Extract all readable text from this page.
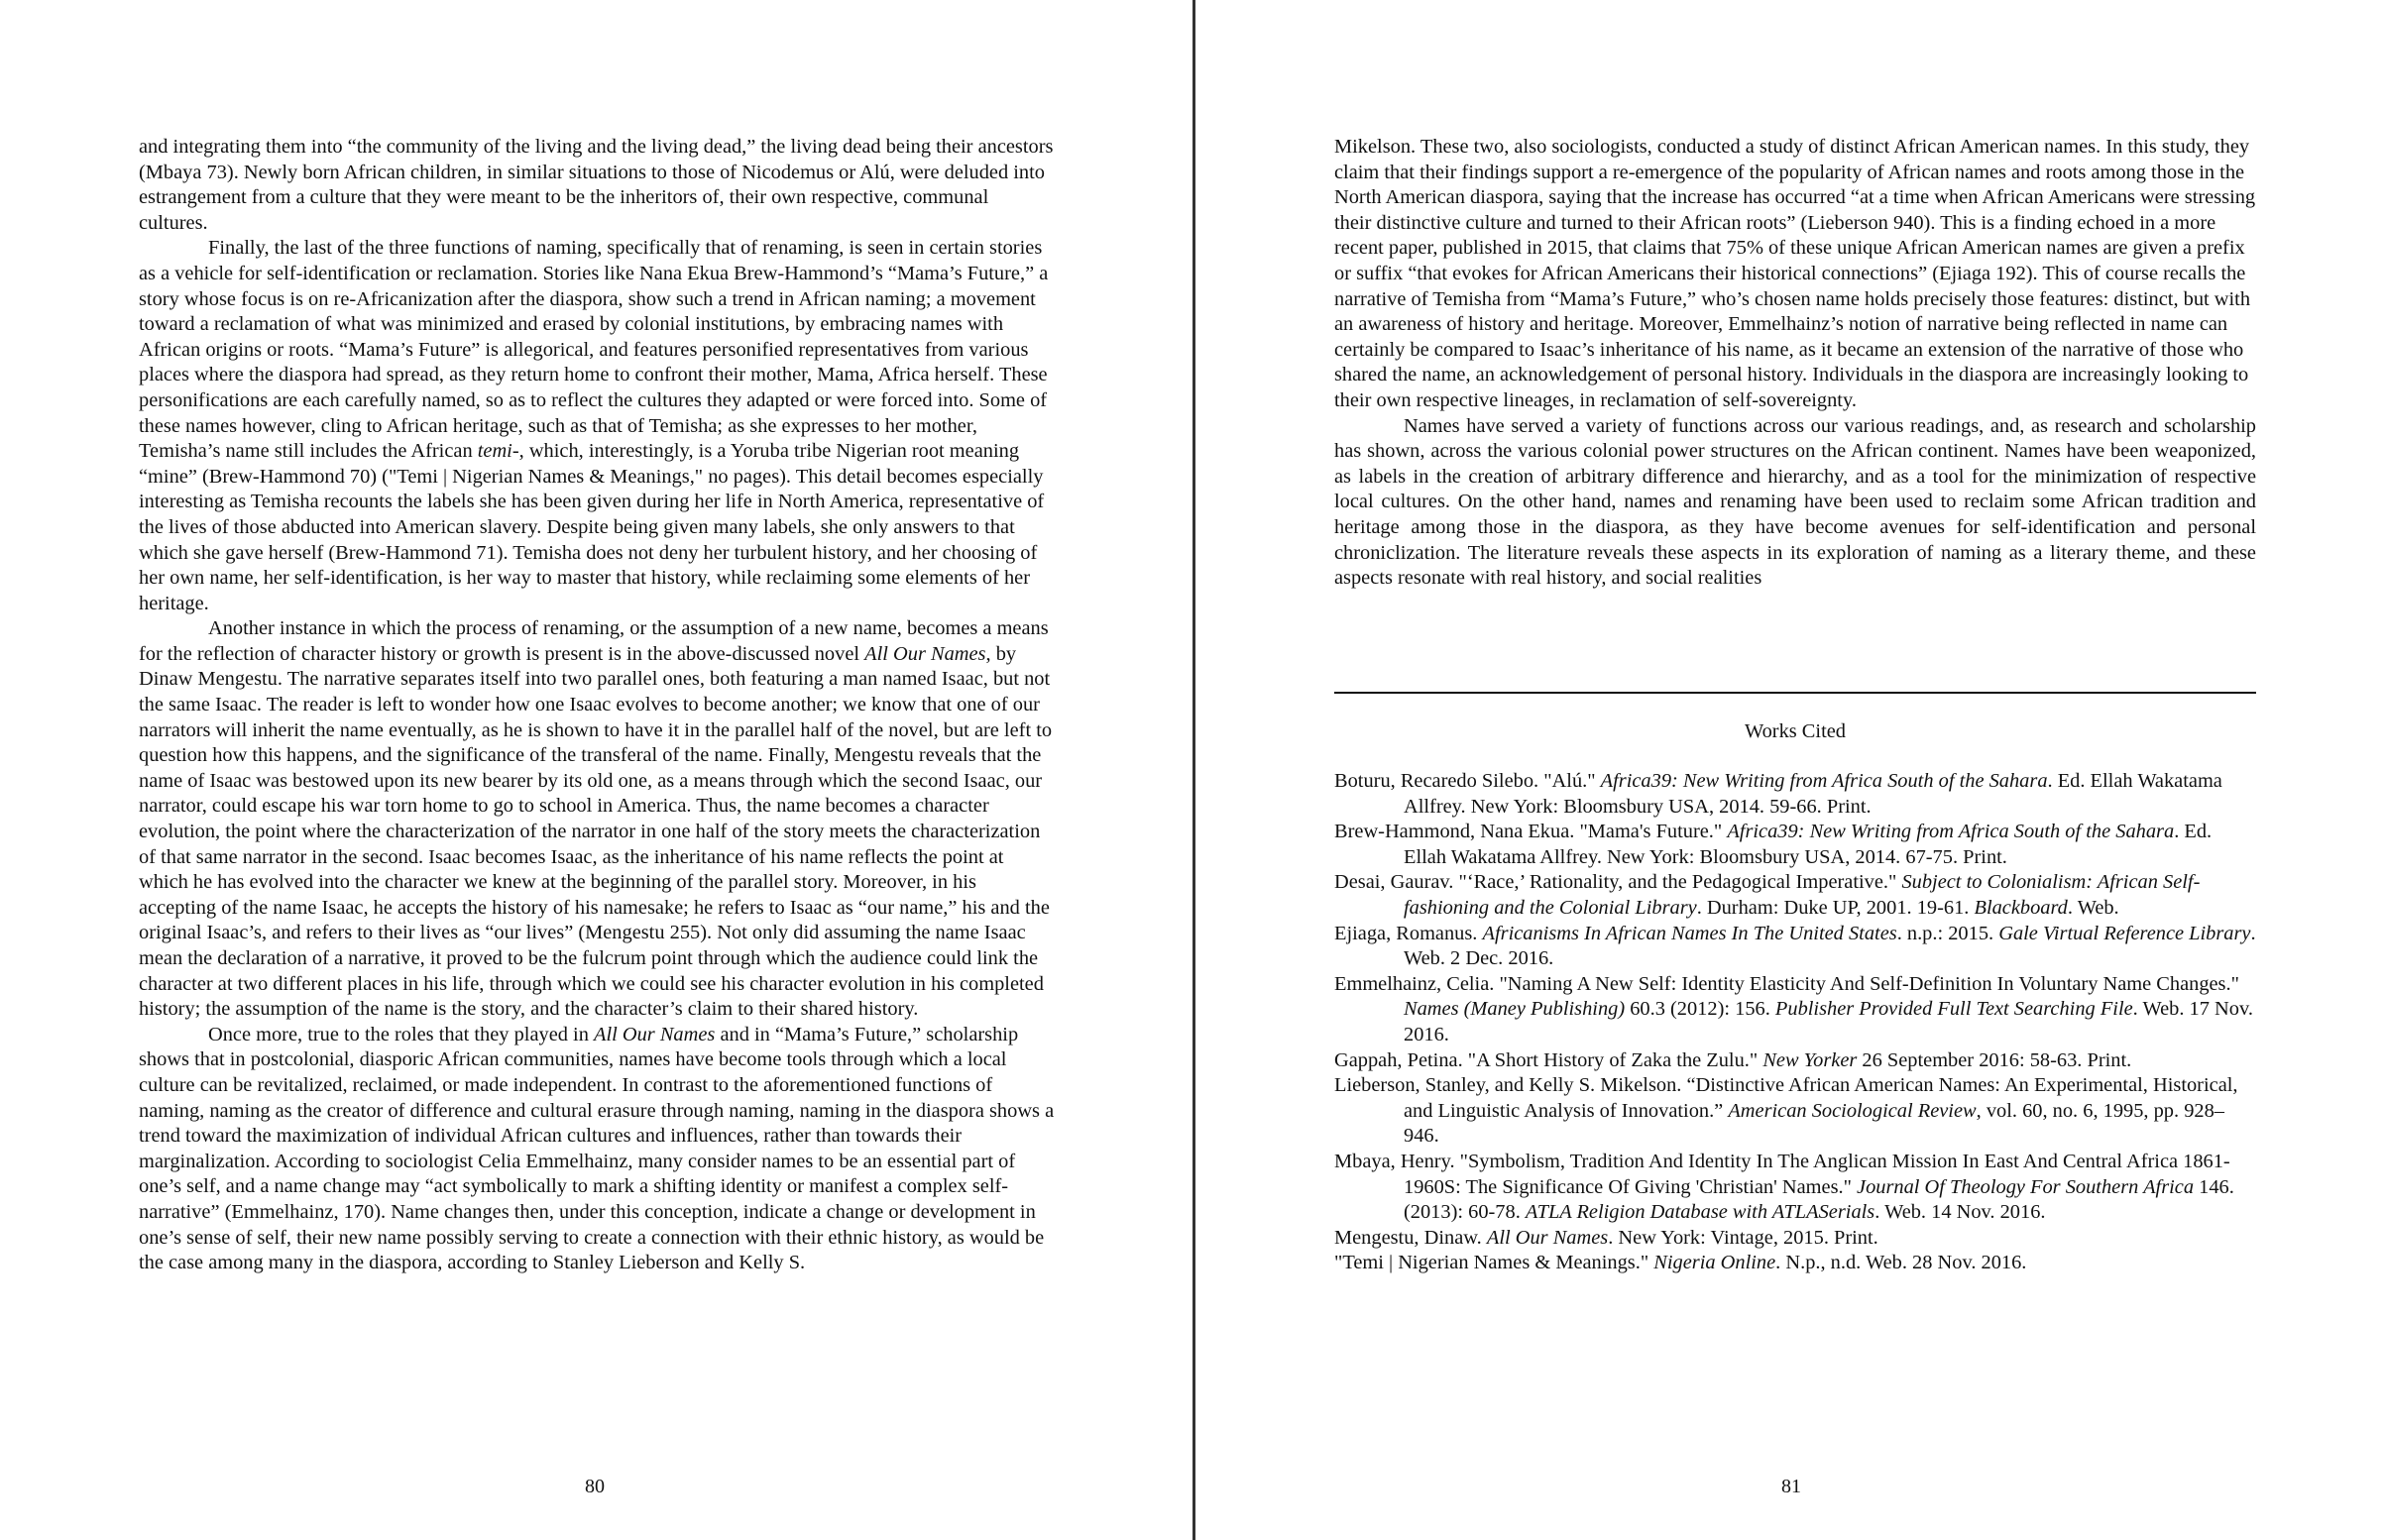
and integrating them into “the community of the living and the living dead,” the living dead being their ancestors (Mbaya 73). Newly born African children, in similar situations to those of Nicodemus or Alú, were deluded into estrangement from a culture that they were meant to be the inheritors of, their own respective, communal cultures.

Finally, the last of the three functions of naming, specifically that of renaming, is seen in certain stories as a vehicle for self-identification or reclamation. Stories like Nana Ekua Brew-Hammond’s “Mama’s Future,” a story whose focus is on re-Africanization after the diaspora, show such a trend in African naming; a movement toward a reclamation of what was minimized and erased by colonial institutions, by embracing names with African origins or roots. “Mama’s Future” is allegorical, and features personified representatives from various places where the diaspora had spread, as they return home to confront their mother, Mama, Africa herself. These personifications are each carefully named, so as to reflect the cultures they adapted or were forced into. Some of these names however, cling to African heritage, such as that of Temisha; as she expresses to her mother, Temisha’s name still includes the African temi-, which, interestingly, is a Yoruba tribe Nigerian root meaning “mine” (Brew-Hammond 70) ("Temi | Nigerian Names & Meanings," no pages). This detail becomes especially interesting as Temisha recounts the labels she has been given during her life in North America, representative of the lives of those abducted into American slavery. Despite being given many labels, she only answers to that which she gave herself (Brew-Hammond 71). Temisha does not deny her turbulent history, and her choosing of her own name, her self-identification, is her way to master that history, while reclaiming some elements of her heritage.

Another instance in which the process of renaming, or the assumption of a new name, becomes a means for the reflection of character history or growth is present is in the above-discussed novel All Our Names, by Dinaw Mengestu. The narrative separates itself into two parallel ones, both featuring a man named Isaac, but not the same Isaac. The reader is left to wonder how one Isaac evolves to become another; we know that one of our narrators will inherit the name eventually, as he is shown to have it in the parallel half of the novel, but are left to question how this happens, and the significance of the transferal of the name. Finally, Mengestu reveals that the name of Isaac was bestowed upon its new bearer by its old one, as a means through which the second Isaac, our narrator, could escape his war torn home to go to school in America. Thus, the name becomes a character evolution, the point where the characterization of the narrator in one half of the story meets the characterization of that same narrator in the second. Isaac becomes Isaac, as the inheritance of his name reflects the point at which he has evolved into the character we knew at the beginning of the parallel story. Moreover, in his accepting of the name Isaac, he accepts the history of his namesake; he refers to Isaac as “our name,” his and the original Isaac’s, and refers to their lives as “our lives” (Mengestu 255). Not only did assuming the name Isaac mean the declaration of a narrative, it proved to be the fulcrum point through which the audience could link the character at two different places in his life, through which we could see his character evolution in his completed history; the assumption of the name is the story, and the character’s claim to their shared history.

Once more, true to the roles that they played in All Our Names and in “Mama’s Future,” scholarship shows that in postcolonial, diasporic African communities, names have become tools through which a local culture can be revitalized, reclaimed, or made independent. In contrast to the aforementioned functions of naming, naming as the creator of difference and cultural erasure through naming, naming in the diaspora shows a trend toward the maximization of individual African cultures and influences, rather than towards their marginalization. According to sociologist Celia Emmelhainz, many consider names to be an essential part of one’s self, and a name change may “act symbolically to mark a shifting identity or manifest a complex self-narrative” (Emmelhainz, 170). Name changes then, under this conception, indicate a change or development in one’s sense of self, their new name possibly serving to create a connection with their ethnic history, as would be the case among many in the diaspora, according to Stanley Lieberson and Kelly S.

80

Mikelson. These two, also sociologists, conducted a study of distinct African American names. In this study, they claim that their findings support a re-emergence of the popularity of African names and roots among those in the North American diaspora, saying that the increase has occurred “at a time when African Americans were stressing their distinctive culture and turned to their African roots” (Lieberson 940). This is a finding echoed in a more recent paper, published in 2015, that claims that 75% of these unique African American names are given a prefix or suffix “that evokes for African Americans their historical connections” (Ejiaga 192). This of course recalls the narrative of Temisha from “Mama’s Future,” who’s chosen name holds precisely those features: distinct, but with an awareness of history and heritage. Moreover, Emmelhainz’s notion of narrative being reflected in name can certainly be compared to Isaac’s inheritance of his name, as it became an extension of the narrative of those who shared the name, an acknowledgement of personal history. Individuals in the diaspora are increasingly looking to their own respective lineages, in reclamation of self-sovereignty.

Names have served a variety of functions across our various readings, and, as research and scholarship has shown, across the various colonial power structures on the African continent. Names have been weaponized, as labels in the creation of arbitrary difference and hierarchy, and as a tool for the minimization of respective local cultures. On the other hand, names and renaming have been used to reclaim some African tradition and heritage among those in the diaspora, as they have become avenues for self-identification and personal chroniclization. The literature reveals these aspects in its exploration of naming as a literary theme, and these aspects resonate with real history, and social realities

Works Cited

Boturu, Recaredo Silebo. "Alú." Africa39: New Writing from Africa South of the Sahara. Ed. Ellah Wakatama Allfrey. New York: Bloomsbury USA, 2014. 59-66. Print.

Brew-Hammond, Nana Ekua. "Mama's Future." Africa39: New Writing from Africa South of the Sahara. Ed. Ellah Wakatama Allfrey. New York: Bloomsbury USA, 2014. 67-75. Print.

Desai, Gaurav. "‘Race,’ Rationality, and the Pedagogical Imperative." Subject to Colonialism: African Self-fashioning and the Colonial Library. Durham: Duke UP, 2001. 19-61. Blackboard. Web.

Ejiaga, Romanus. Africanisms In African Names In The United States. n.p.: 2015. Gale Virtual Reference Library. Web. 2 Dec. 2016.

Emmelhainz, Celia. "Naming A New Self: Identity Elasticity And Self-Definition In Voluntary Name Changes." Names (Maney Publishing) 60.3 (2012): 156. Publisher Provided Full Text Searching File. Web. 17 Nov. 2016.

Gappah, Petina. "A Short History of Zaka the Zulu." New Yorker 26 September 2016: 58-63. Print.

Lieberson, Stanley, and Kelly S. Mikelson. “Distinctive African American Names: An Experimental, Historical, and Linguistic Analysis of Innovation.” American Sociological Review, vol. 60, no. 6, 1995, pp. 928–946.

Mbaya, Henry. "Symbolism, Tradition And Identity In The Anglican Mission In East And Central Africa 1861-1960S: The Significance Of Giving 'Christian' Names." Journal Of Theology For Southern Africa 146.(2013): 60-78. ATLA Religion Database with ATLASerials. Web. 14 Nov. 2016.

Mengestu, Dinaw. All Our Names. New York: Vintage, 2015. Print.

"Temi | Nigerian Names & Meanings." Nigeria Online. N.p., n.d. Web. 28 Nov. 2016.

81
